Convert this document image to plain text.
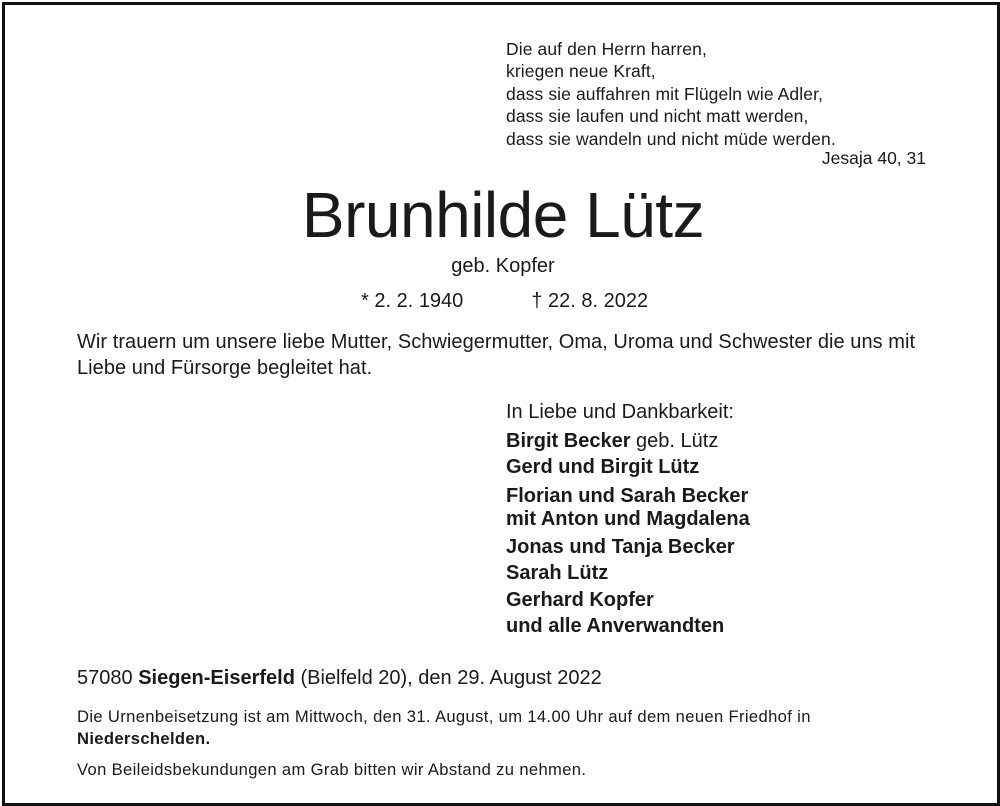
Die auf den Herrn harren,
kriegen neue Kraft,
dass sie auffahren mit Flügeln wie Adler,
dass sie laufen und nicht matt werden,
dass sie wandeln und nicht müde werden.
Jesaja 40, 31
Brunhilde Lütz
geb. Kopfer
* 2. 2. 1940	† 22. 8. 2022
Wir trauern um unsere liebe Mutter, Schwiegermutter, Oma, Uroma und Schwester die uns mit Liebe und Fürsorge begleitet hat.
In Liebe und Dankbarkeit:
Birgit Becker geb. Lütz
Gerd und Birgit Lütz
Florian und Sarah Becker
mit Anton und Magdalena
Jonas und Tanja Becker
Sarah Lütz
Gerhard Kopfer
und alle Anverwandten
57080 Siegen-Eiserfeld (Bielfeld 20), den 29. August 2022
Die Urnenbeisetzung ist am Mittwoch, den 31. August, um 14.00 Uhr auf dem neuen Friedhof in Niederschelden.
Von Beileidsbekundungen am Grab bitten wir Abstand zu nehmen.
